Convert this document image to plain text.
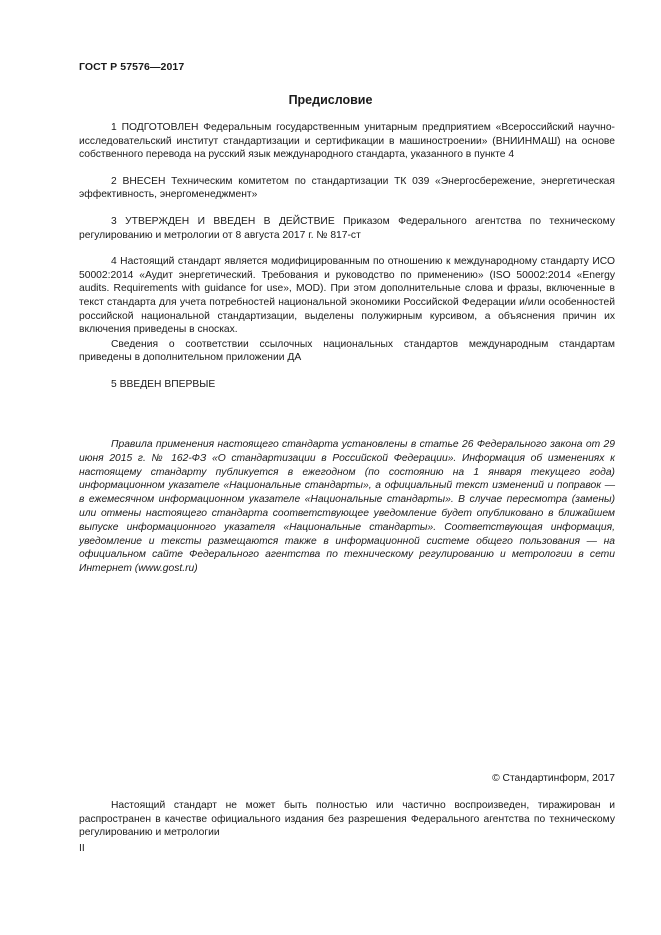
ГОСТ Р 57576—2017
Предисловие

1 ПОДГОТОВЛЕН Федеральным государственным унитарным предприятием «Всероссийский научно-исследовательский институт стандартизации и сертификации в машиностроении» (ВНИИНМАШ) на основе собственного перевода на русский язык международного стандарта, указанного в пункте 4

2 ВНЕСЕН Техническим комитетом по стандартизации ТК 039 «Энергосбережение, энергетическая эффективность, энергоменеджмент»

3 УТВЕРЖДЕН И ВВЕДЕН В ДЕЙСТВИЕ Приказом Федерального агентства по техническому регулированию и метрологии от 8 августа 2017 г. № 817-ст

4 Настоящий стандарт является модифицированным по отношению к международному стандарту ИСО 50002:2014 «Аудит энергетический. Требования и руководство по применению» (ISO 50002:2014 «Energy audits. Requirements with guidance for use», MOD). При этом дополнительные слова и фразы, включенные в текст стандарта для учета потребностей национальной экономики Российской Федерации и/или особенностей российской национальной стандартизации, выделены полужирным курсивом, а объяснения причин их включения приведены в сносках.

Сведения о соответствии ссылочных национальных стандартов международным стандартам приведены в дополнительном приложении ДА

5 ВВЕДЕН ВПЕРВЫЕ

Правила применения настоящего стандарта установлены в статье 26 Федерального закона от 29 июня 2015 г. № 162-ФЗ «О стандартизации в Российской Федерации». Информация об изменениях к настоящему стандарту публикуется в ежегодном (по состоянию на 1 января текущего года) информационном указателе «Национальные стандарты», а официальный текст изменений и поправок — в ежемесячном информационном указателе «Национальные стандарты». В случае пересмотра (замены) или отмены настоящего стандарта соответствующее уведомление будет опубликовано в ближайшем выпуске информационного указателя «Национальные стандарты». Соответствующая информация, уведомление и тексты размещаются также в информационной системе общего пользования — на официальном сайте Федерального агентства по техническому регулированию и метрологии в сети Интернет (www.gost.ru)

© Стандартинформ, 2017

Настоящий стандарт не может быть полностью или частично воспроизведен, тиражирован и распространен в качестве официального издания без разрешения Федерального агентства по техническому регулированию и метрологии

II
